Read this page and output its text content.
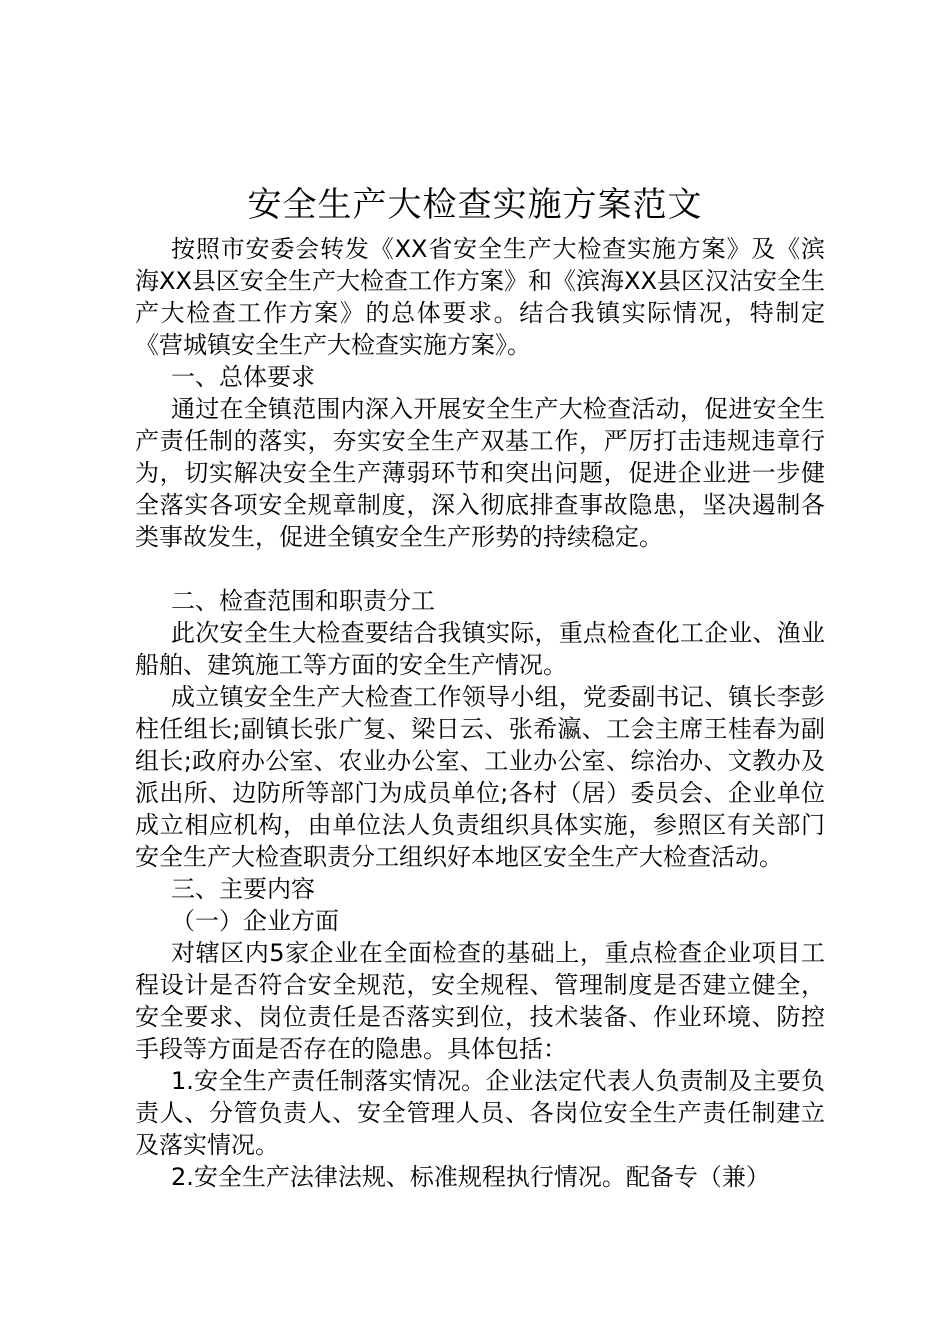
安全生产大检查实施方案范文

按照市安委会转发《XX省安全生产大检查实施方案》及《滨海XX县区安全生产大检查工作方案》和《滨海XX县区汉沽安全生产大检查工作方案》的总体要求。结合我镇实际情况，特制定《营城镇安全生产大检查实施方案》。

一、总体要求

通过在全镇范围内深入开展安全生产大检查活动，促进安全生产责任制的落实，夯实安全生产双基工作，严厉打击违规违章行为，切实解决安全生产薄弱环节和突出问题，促进企业进一步健全落实各项安全规章制度，深入彻底排查事故隐患，坚决遏制各类事故发生，促进全镇安全生产形势的持续稳定。

二、检查范围和职责分工

此次安全生大检查要结合我镇实际，重点检查化工企业、渔业船舶、建筑施工等方面的安全生产情况。

成立镇安全生产大检查工作领导小组，党委副书记、镇长李彭柱任组长;副镇长张广复、梁日云、张希瀛、工会主席王桂春为副组长;政府办公室、农业办公室、工业办公室、综治办、文教办及派出所、边防所等部门为成员单位;各村（居）委员会、企业单位成立相应机构，由单位法人负责组织具体实施，参照区有关部门安全生产大检查职责分工组织好本地区安全生产大检查活动。

三、主要内容

（一）企业方面

对辖区内5家企业在全面检查的基础上，重点检查企业项目工程设计是否符合安全规范，安全规程、管理制度是否建立健全，安全要求、岗位责任是否落实到位，技术装备、作业环境、防控手段等方面是否存在的隐患。具体包括：

1.安全生产责任制落实情况。企业法定代表人负责制及主要负责人、分管负责人、安全管理人员、各岗位安全生产责任制建立及落实情况。

2.安全生产法律法规、标准规程执行情况。配备专（兼）
